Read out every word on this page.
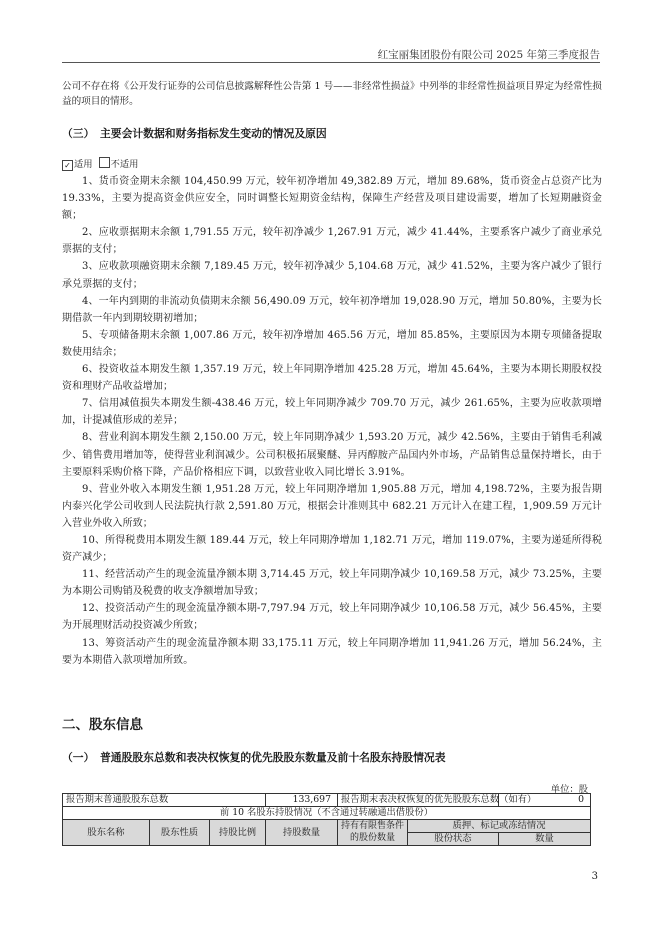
红宝丽集团股份有限公司 2025 年第三季度报告
公司不存在将《公开发行证券的公司信息披露解释性公告第 1 号——非经常性损益》中列举的非经常性损益项目界定为经常性损益的项目的情形。
（三） 主要会计数据和财务指标发生变动的情况及原因
✓ 适用 不适用

1、货币资金期末余额 104,450.99 万元，较年初净增加 49,382.89 万元，增加 89.68%，货币资金占总资产比为 19.33%，主要为提高资金供应安全，同时调整长短期资金结构，保障生产经营及项目建设需要，增加了长短期融资金额；

2、应收票据期末余额 1,791.55 万元，较年初净减少 1,267.91 万元，减少 41.44%，主要系客户减少了商业承兑票据的支付；

3、应收款项融资期末余额 7,189.45 万元，较年初净减少 5,104.68 万元，减少 41.52%，主要为客户减少了银行承兑票据的支付；

4、一年内到期的非流动负债期末余额 56,490.09 万元，较年初净增加 19,028.90 万元，增加 50.80%，主要为长期借款一年内到期较期初增加；

5、专项储备期末余额 1,007.86 万元，较年初净增加 465.56 万元，增加 85.85%，主要原因为本期专项储备提取数使用结余；

6、投资收益本期发生额 1,357.19 万元，较上年同期净增加 425.28 万元，增加 45.64%，主要为本期长期股权投资和理财产品收益增加；

7、信用减值损失本期发生额-438.46 万元，较上年同期净减少 709.70 万元，减少 261.65%，主要为应收款项增加，计提减值形成的差异；

8、营业利润本期发生额 2,150.00 万元，较上年同期净减少 1,593.20 万元，减少 42.56%，主要由于销售毛利减少、销售费用增加等，使得营业利润减少。公司积极拓展聚醚、异丙醇胺产品国内外市场，产品销售总量保持增长，由于主要原料采购价格下降，产品价格相应下调，以致营业收入同比增长 3.91%。

9、营业外收入本期发生额 1,951.28 万元，较上年同期净增加 1,905.88 万元，增加 4,198.72%，主要为报告期内泰兴化学公司收到人民法院执行款 2,591.80 万元，根据会计准则其中 682.21 万元计入在建工程，1,909.59 万元计入营业外收入所致；

10、所得税费用本期发生额 189.44 万元，较上年同期净增加 1,182.71 万元，增加 119.07%，主要为递延所得税资产减少；

11、经营活动产生的现金流量净额本期 3,714.45 万元，较上年同期净减少 10,169.58 万元，减少 73.25%，主要为本期公司购销及税费的收支净额增加导致；

12、投资活动产生的现金流量净额本期-7,797.94 万元，较上年同期净减少 10,106.58 万元，减少 56.45%，主要为开展理财活动投资减少所致；

13、筹资活动产生的现金流量净额本期 33,175.11 万元，较上年同期净增加 11,941.26 万元，增加 56.24%，主要为本期借入款项增加所致。

二、股东信息
（一） 普通股股东总数和表决权恢复的优先股股东数量及前十名股东持股情况表
单位：股
报告期末普通股股东总数			133,697	报告期末表决权恢复的优先股股东总数（如有）		0
前 10 名股东持股情况（不含通过转融通出借股份）						
股东名称	股东性质	持股比例	持股数量	持有有限售条件的股份数量	质押、标记或冻结情况	
					股份状态	数量
3
